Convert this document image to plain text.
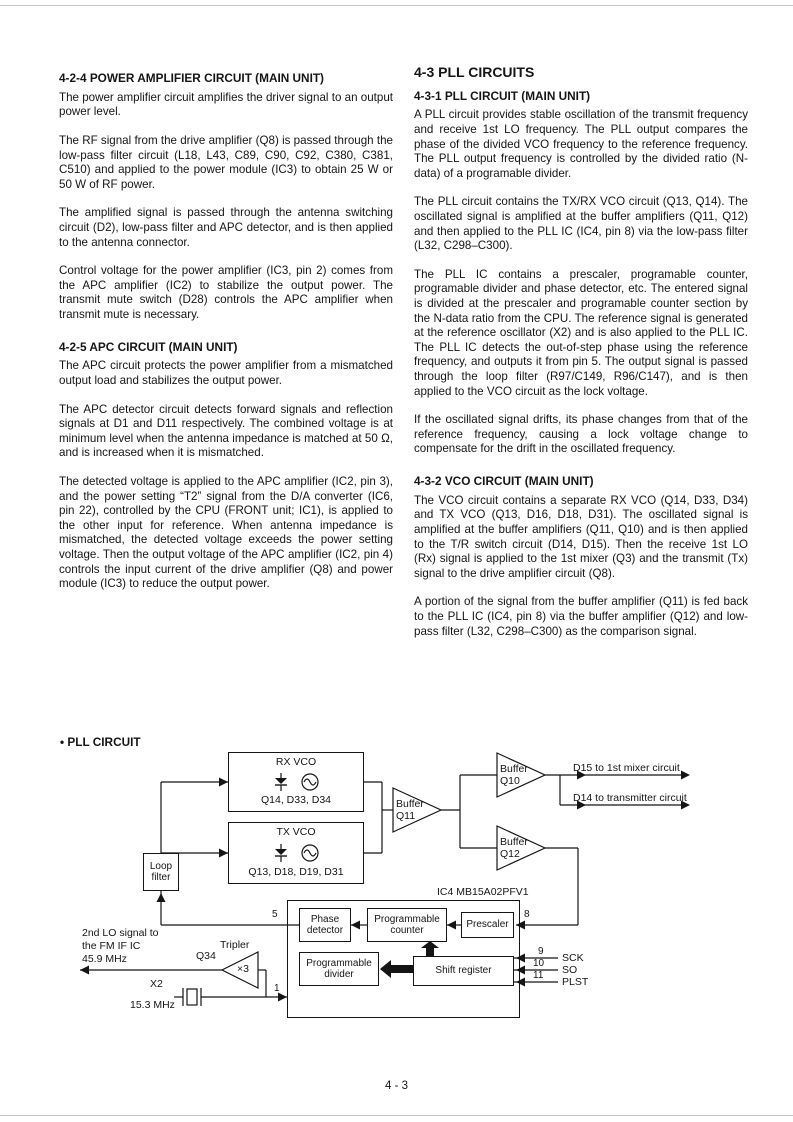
4-2-4 POWER AMPLIFIER CIRCUIT (MAIN UNIT)

The power amplifier circuit amplifies the driver signal to an output power level.

The RF signal from the drive amplifier (Q8) is passed through the low-pass filter circuit (L18, L43, C89, C90, C92, C380, C381, C510) and applied to the power module (IC3) to obtain 25 W or 50 W of RF power.

The amplified signal is passed through the antenna switching circuit (D2), low-pass filter and APC detector, and is then applied to the antenna connector.

Control voltage for the power amplifier (IC3, pin 2) comes from the APC amplifier (IC2) to stabilize the output power. The transmit mute switch (D28) controls the APC amplifier when transmit mute is necessary.

4-2-5 APC CIRCUIT (MAIN UNIT)

The APC circuit protects the power amplifier from a mismatched output load and stabilizes the output power.

The APC detector circuit detects forward signals and reflection signals at D1 and D11 respectively. The combined voltage is at minimum level when the antenna impedance is matched at 50 Ω, and is increased when it is mismatched.

The detected voltage is applied to the APC amplifier (IC2, pin 3), and the power setting “T2” signal from the D/A converter (IC6, pin 22), controlled by the CPU (FRONT unit; IC1), is applied to the other input for reference. When antenna impedance is mismatched, the detected voltage exceeds the power setting voltage. Then the output voltage of the APC amplifier (IC2, pin 4) controls the input current of the drive amplifier (Q8) and power module (IC3) to reduce the output power.

4-3 PLL CIRCUITS
4-3-1 PLL CIRCUIT (MAIN UNIT)

A PLL circuit provides stable oscillation of the transmit frequency and receive 1st LO frequency. The PLL output compares the phase of the divided VCO frequency to the reference frequency. The PLL output frequency is controlled by the divided ratio (N-data) of a programable divider.

The PLL circuit contains the TX/RX VCO circuit (Q13, Q14). The oscillated signal is amplified at the buffer amplifiers (Q11, Q12) and then applied to the PLL IC (IC4, pin 8) via the low-pass filter (L32, C298–C300).

The PLL IC contains a prescaler, programable counter, programable divider and phase detector, etc. The entered signal is divided at the prescaler and programable counter section by the N-data ratio from the CPU. The reference signal is generated at the reference oscillator (X2) and is also applied to the PLL IC. The PLL IC detects the out-of-step phase using the reference frequency, and outputs it from pin 5. The output signal is passed through the loop filter (R97/C149, R96/C147), and is then applied to the VCO circuit as the lock voltage.

If the oscillated signal drifts, its phase changes from that of the reference frequency, causing a lock voltage change to compensate for the drift in the oscillated frequency.

4-3-2 VCO CIRCUIT (MAIN UNIT)

The VCO circuit contains a separate RX VCO (Q14, D33, D34) and TX VCO (Q13, D16, D18, D31). The oscillated signal is amplified at the buffer amplifiers (Q11, Q10) and is then applied to the T/R switch circuit (D14, D15). Then the receive 1st LO (Rx) signal is applied to the 1st mixer (Q3) and the transmit (Tx) signal to the drive amplifier circuit (Q8).

A portion of the signal from the buffer amplifier (Q11) is fed back to the PLL IC (IC4, pin 8) via the buffer amplifier (Q12) and low-pass filter (L32, C298–C300) as the comparison signal.

• PLL CIRCUIT
RX VCO
Q14, D33, D34
TX VCO
Q13, D18, D19, D31
Buffer Q11
Buffer Q10
Buffer Q12
D15 to 1st mixer circuit
D14 to transmitter circuit
Loop filter
IC4 MB15A02PFV1
Phase detector
Programmable counter
Prescaler
Programmable divider	Shift register
5	8
9
10
11
1
SCK
SO
PLST
2nd LO signal to
the FM IF IC
45.9 MHz
Tripler
Q34
×3
X2
15.3 MHz
4 - 3
